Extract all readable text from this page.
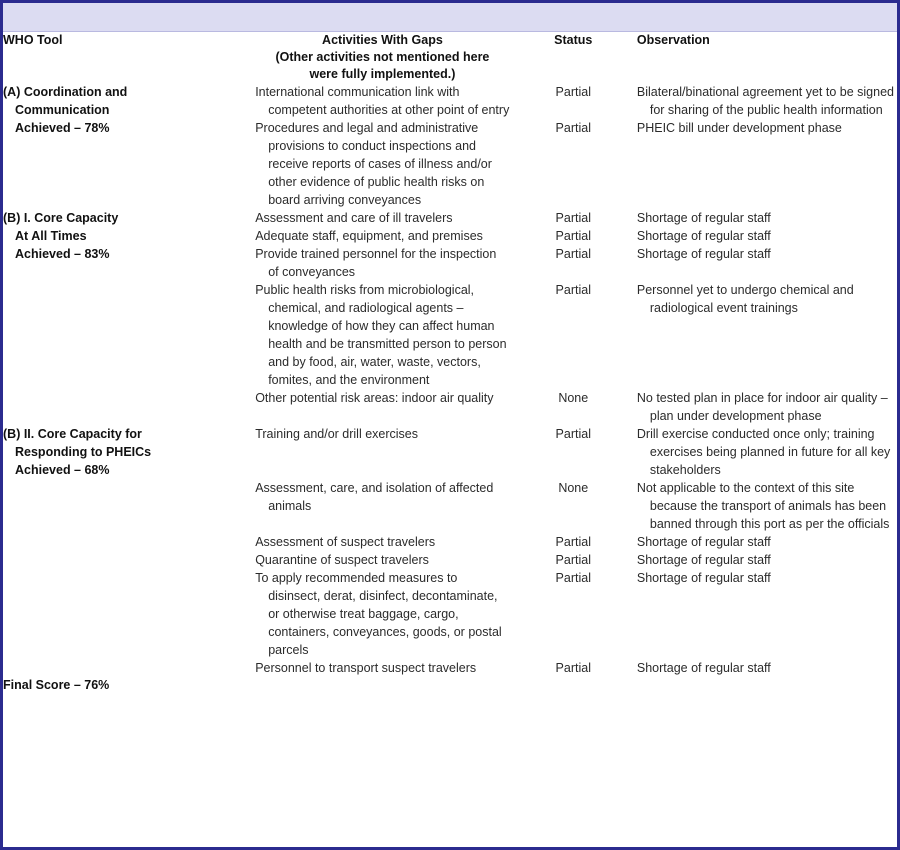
WHO Tool	Activities With Gaps
(Other activities not mentioned here
were fully implemented.)	Status	Observation

(A) Coordination and
Communication
Achieved – 78%	International communication link with competent authorities at other point of entry	Partial	Bilateral/binational agreement yet to be signed for sharing of the public health information

	Procedures and legal and administrative provisions to conduct inspections and receive reports of cases of illness and/or other evidence of public health risks on board arriving conveyances	Partial	PHEIC bill under development phase

(B) I. Core Capacity
At All Times
Achieved – 83%	Assessment and care of ill travelers	Partial	Shortage of regular staff

	Adequate staff, equipment, and premises	Partial	Shortage of regular staff

	Provide trained personnel for the inspection of conveyances	Partial	Shortage of regular staff

	Public health risks from microbiological, chemical, and radiological agents – knowledge of how they can affect human health and be transmitted person to person and by food, air, water, waste, vectors, fomites, and the environment	Partial	Personnel yet to undergo chemical and radiological event trainings

	Other potential risk areas: indoor air quality	None	No tested plan in place for indoor air quality – plan under development phase

(B) II. Core Capacity for
Responding to PHEICs
Achieved – 68%	Training and/or drill exercises	Partial	Drill exercise conducted once only; training exercises being planned in future for all key stakeholders

	Assessment, care, and isolation of affected animals	None	Not applicable to the context of this site because the transport of animals has been banned through this port as per the officials

	Assessment of suspect travelers	Partial	Shortage of regular staff

	Quarantine of suspect travelers	Partial	Shortage of regular staff

	To apply recommended measures to disinsect, derat, disinfect, decontaminate, or otherwise treat baggage, cargo, containers, conveyances, goods, or postal parcels	Partial	Shortage of regular staff

	Personnel to transport suspect travelers	Partial	Shortage of regular staff

Final Score – 76%			
